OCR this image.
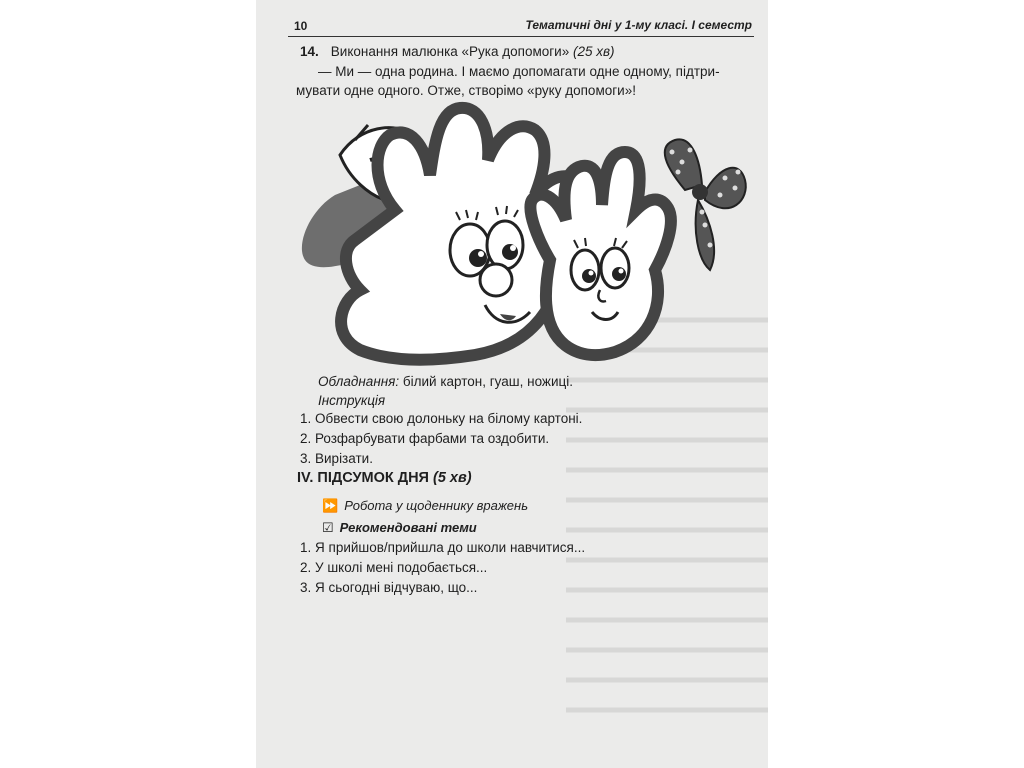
10	Тематичні дні у 1-му класі. І семестр
14. Виконання малюнка «Рука допомоги» (25 хв)
— Ми — одна родина. І маємо допомагати одне одному, підтри-
мувати одне одного. Отже, створімо «руку допомоги»!
Обладнання: білий картон, гуаш, ножиці.
Інструкція
1. Обвести свою долоньку на білому картоні.
2. Розфарбувати фарбами та оздобити.
3. Вирізати.
IV. ПІДСУМОК ДНЯ (5 хв)
⏩ Робота у щоденнику вражень
☑ Рекомендовані теми
1. Я прийшов/прийшла до школи навчитися...
2. У школі мені подобається...
3. Я сьогодні відчуваю, що...
